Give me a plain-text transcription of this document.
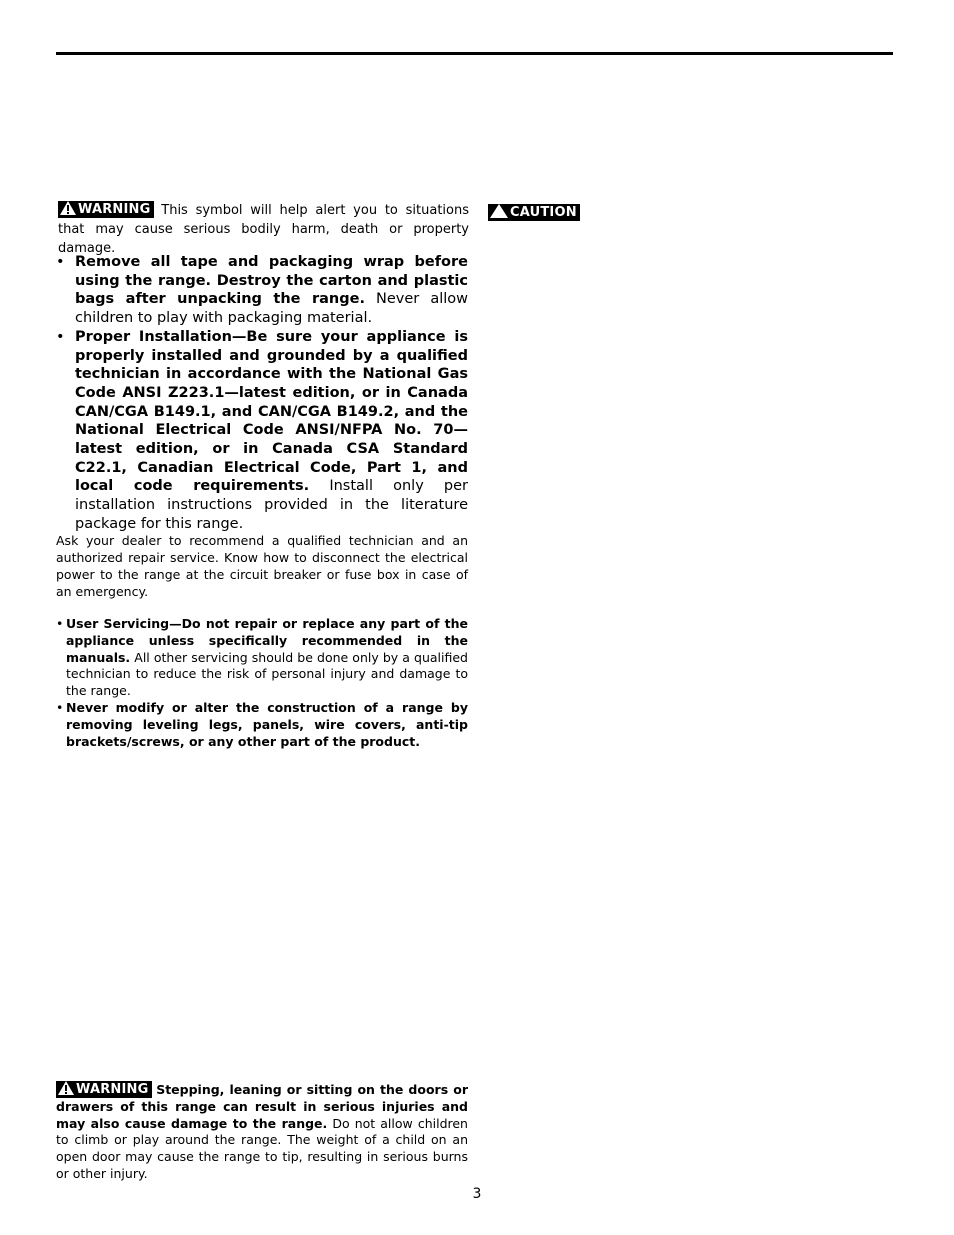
WARNING This symbol will help alert you to situations that may cause serious bodily harm, death or property damage.
CAUTION
• Remove all tape and packaging wrap before using the range. Destroy the carton and plastic bags after unpacking the range. Never allow children to play with packaging material.
• Proper Installation—Be sure your appliance is properly installed and grounded by a qualified technician in accordance with the National Gas Code ANSI Z223.1—latest edition, or in Canada CAN/CGA B149.1, and CAN/CGA B149.2, and the National Electrical Code ANSI/NFPA No. 70—latest edition, or in Canada CSA Standard C22.1, Canadian Electrical Code, Part 1, and local code requirements. Install only per installation instructions provided in the literature package for this range.
Ask your dealer to recommend a qualified technician and an authorized repair service. Know how to disconnect the electrical power to the range at the circuit breaker or fuse box in case of an emergency.
• User Servicing—Do not repair or replace any part of the appliance unless specifically recommended in the manuals. All other servicing should be done only by a qualified technician to reduce the risk of personal injury and damage to the range.
• Never modify or alter the construction of a range by removing leveling legs, panels, wire covers, anti-tip brackets/screws, or any other part of the product.
WARNING Stepping, leaning or sitting on the doors or drawers of this range can result in serious injuries and may also cause damage to the range. Do not allow children to climb or play around the range. The weight of a child on an open door may cause the range to tip, resulting in serious burns or other injury.
3
